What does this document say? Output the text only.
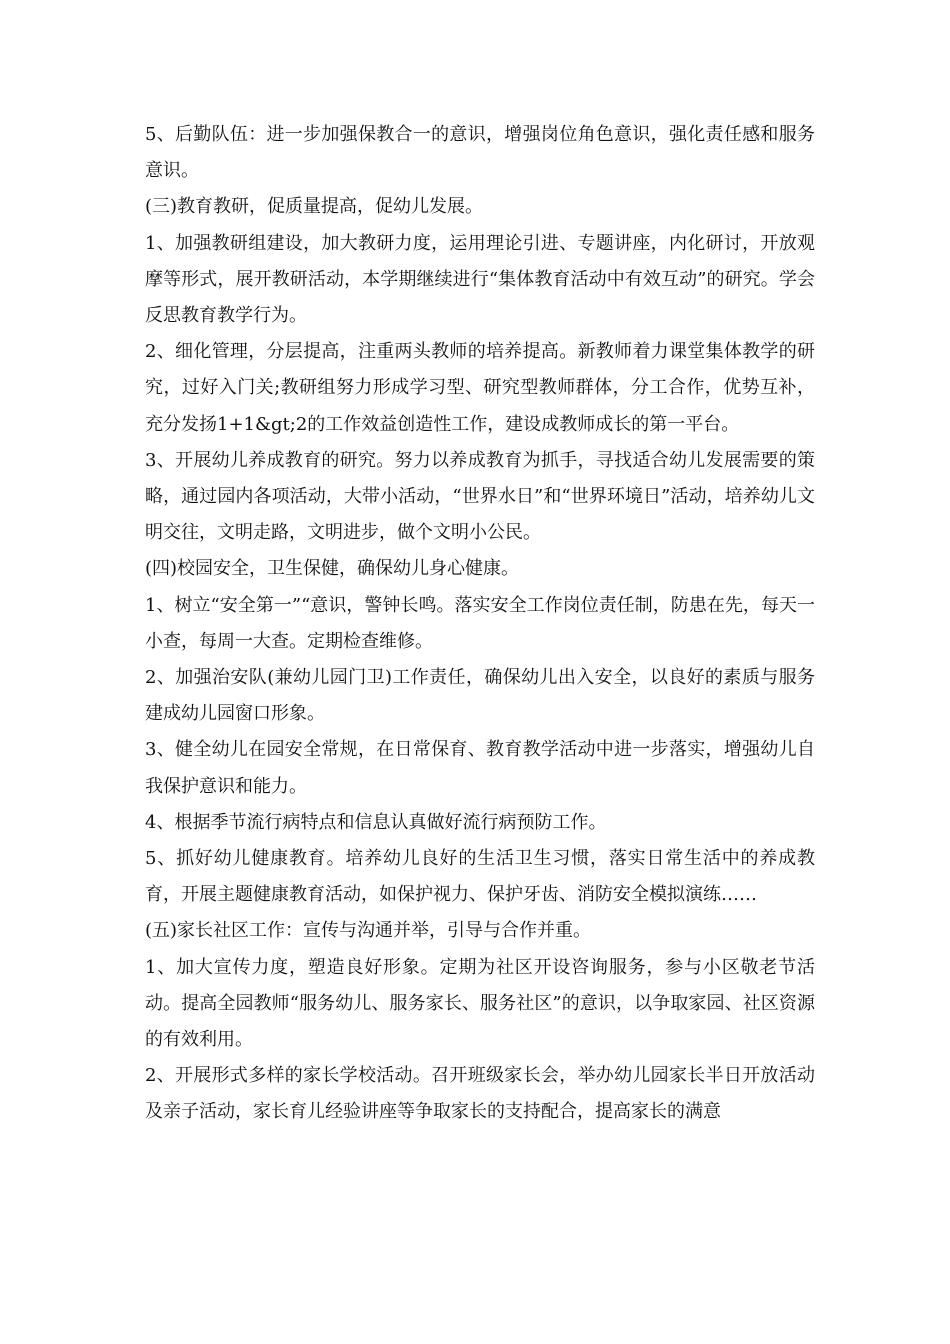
5、后勤队伍：进一步加强保教合一的意识，增强岗位角色意识，强化责任感和服务意识。

(三)教育教研，促质量提高，促幼儿发展。

1、加强教研组建设，加大教研力度，运用理论引进、专题讲座，内化研讨，开放观摩等形式，展开教研活动，本学期继续进行“集体教育活动中有效互动”的研究。学会反思教育教学行为。

2、细化管理，分层提高，注重两头教师的培养提高。新教师着力课堂集体教学的研究，过好入门关;教研组努力形成学习型、研究型教师群体，分工合作，优势互补，充分发扬1+1&gt;2的工作效益创造性工作，建设成教师成长的第一平台。

3、开展幼儿养成教育的研究。努力以养成教育为抓手，寻找适合幼儿发展需要的策略，通过园内各项活动，大带小活动，“世界水日”和“世界环境日”活动，培养幼儿文明交往，文明走路，文明进步，做个文明小公民。

(四)校园安全，卫生保健，确保幼儿身心健康。

1、树立“安全第一”“意识，警钟长鸣。落实安全工作岗位责任制，防患在先，每天一小查，每周一大查。定期检查维修。

2、加强治安队(兼幼儿园门卫)工作责任，确保幼儿出入安全，以良好的素质与服务建成幼儿园窗口形象。

3、健全幼儿在园安全常规，在日常保育、教育教学活动中进一步落实，增强幼儿自我保护意识和能力。

4、根据季节流行病特点和信息认真做好流行病预防工作。

5、抓好幼儿健康教育。培养幼儿良好的生活卫生习惯，落实日常生活中的养成教育，开展主题健康教育活动，如保护视力、保护牙齿、消防安全模拟演练……

(五)家长社区工作：宣传与沟通并举，引导与合作并重。

1、加大宣传力度，塑造良好形象。定期为社区开设咨询服务，参与小区敬老节活动。提高全园教师“服务幼儿、服务家长、服务社区”的意识，以争取家园、社区资源的有效利用。

2、开展形式多样的家长学校活动。召开班级家长会，举办幼儿园家长半日开放活动及亲子活动，家长育儿经验讲座等争取家长的支持配合，提高家长的满意
